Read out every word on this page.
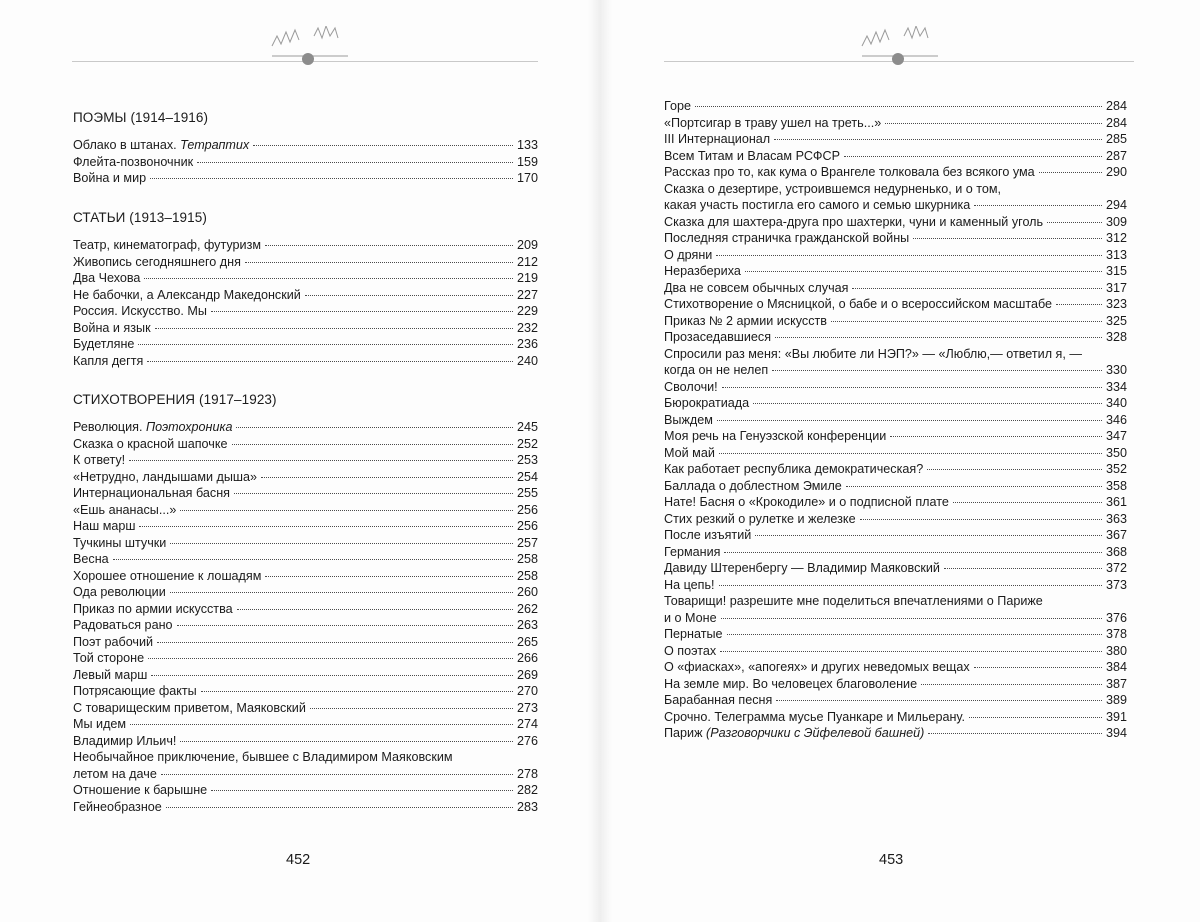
ПОЭМЫ (1914–1916)
Облако в штанах. Тетраптих	133
Флейта-позвоночник	159
Война и мир	170
СТАТЬИ (1913–1915)
Театр, кинематограф, футуризм	209
Живопись сегодняшнего дня	212
Два Чехова	219
Не бабочки, а Александр Македонский	227
Россия. Искусство. Мы	229
Война и язык	232
Будетляне	236
Капля дегтя	240
СТИХОТВОРЕНИЯ (1917–1923)
Революция. Поэтохроника	245
Сказка о красной шапочке	252
К ответу!	253
«Нетрудно, ландышами дыша»	254
Интернациональная басня	255
«Ешь ананасы...»	256
Наш марш	256
Тучкины штучки	257
Весна	258
Хорошее отношение к лошадям	258
Ода революции	260
Приказ по армии искусства	262
Радоваться рано	263
Поэт рабочий	265
Той стороне	266
Левый марш	269
Потрясающие факты	270
С товарищеским приветом, Маяковский	273
Мы идем	274
Владимир Ильич!	276
Необычайное приключение, бывшее с Владимиром Маяковским
летом на даче	278
Отношение к барышне	282
Гейнеобразное	283
452
Горе	284
«Портсигар в траву ушел на треть...»	284
III Интернационал	285
Всем Титам и Власам РСФСР	287
Рассказ про то, как кума о Врангеле толковала без всякого ума	290
Сказка о дезертире, устроившемся недурненько, и о том,
какая участь постигла его самого и семью шкурника	294
Сказка для шахтера-друга про шахтерки, чуни и каменный уголь	309
Последняя страничка гражданской войны	312
О дряни	313
Неразбериха	315
Два не совсем обычных случая	317
Стихотворение о Мясницкой, о бабе и о всероссийском масштабе	323
Приказ № 2 армии искусств	325
Прозаседавшиеся	328
Спросили раз меня: «Вы любите ли НЭП?» — «Люблю,— ответил я, —
когда он не нелеп	330
Сволочи!	334
Бюрократиада	340
Выждем	346
Моя речь на Генуэзской конференции	347
Мой май	350
Как работает республика демократическая?	352
Баллада о доблестном Эмиле	358
Нате! Басня о «Крокодиле» и о подписной плате	361
Стих резкий о рулетке и железке	363
После изъятий	367
Германия	368
Давиду Штеренбергу — Владимир Маяковский	372
На цепь!	373
Товарищи! разрешите мне поделиться впечатлениями о Париже
и о Моне	376
Пернатые	378
О поэтах	380
О «фиасках», «апогеях» и других неведомых вещах	384
На земле мир. Во человецех благоволение	387
Барабанная песня	389
Срочно. Телеграмма мусье Пуанкаре и Мильерану.	391
Париж (Разговорчики с Эйфелевой башней)	394
453
